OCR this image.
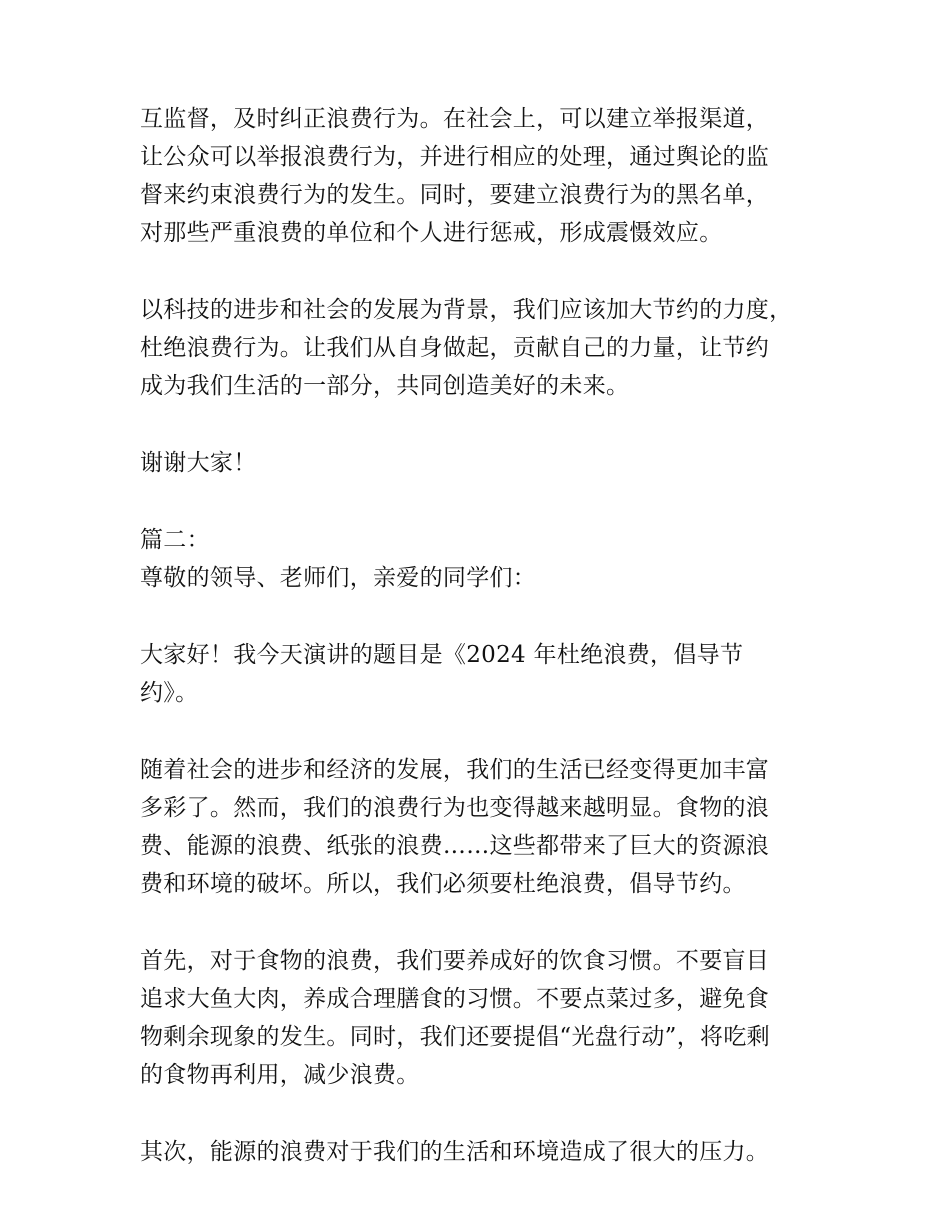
互监督，及时纠正浪费行为。在社会上，可以建立举报渠道，
让公众可以举报浪费行为，并进行相应的处理，通过舆论的监
督来约束浪费行为的发生。同时，要建立浪费行为的黑名单，
对那些严重浪费的单位和个人进行惩戒，形成震慑效应。

以科技的进步和社会的发展为背景，我们应该加大节约的力度，
杜绝浪费行为。让我们从自身做起，贡献自己的力量，让节约
成为我们生活的一部分，共同创造美好的未来。

谢谢大家！

篇二：
尊敬的领导、老师们，亲爱的同学们：

大家好！我今天演讲的题目是《2024 年杜绝浪费，倡导节
约》。

随着社会的进步和经济的发展，我们的生活已经变得更加丰富
多彩了。然而，我们的浪费行为也变得越来越明显。食物的浪
费、能源的浪费、纸张的浪费……这些都带来了巨大的资源浪
费和环境的破坏。所以，我们必须要杜绝浪费，倡导节约。

首先，对于食物的浪费，我们要养成好的饮食习惯。不要盲目
追求大鱼大肉，养成合理膳食的习惯。不要点菜过多，避免食
物剩余现象的发生。同时，我们还要提倡“光盘行动”，将吃剩
的食物再利用，减少浪费。

其次，能源的浪费对于我们的生活和环境造成了很大的压力。
